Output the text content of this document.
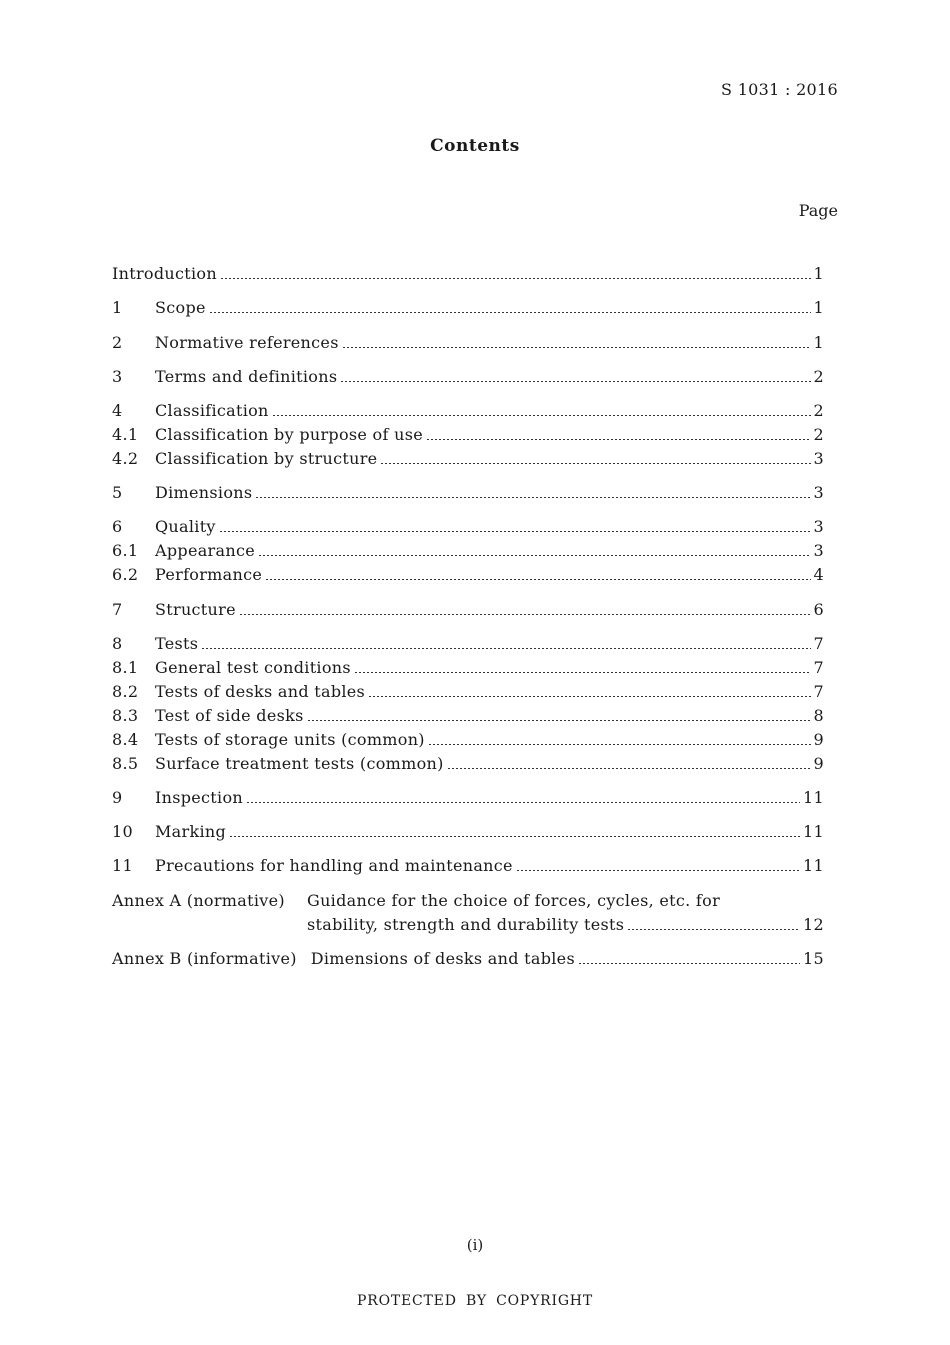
S 1031 : 2016
Contents
Page
Introduction	1
1	Scope	1
2	Normative references	1
3	Terms and definitions	2
4	Classification	2
4.1	Classification by purpose of use	2
4.2	Classification by structure	3
5	Dimensions	3
6	Quality	3
6.1	Appearance	3
6.2	Performance	4
7	Structure	6
8	Tests	7
8.1	General test conditions	7
8.2	Tests of desks and tables	7
8.3	Test of side desks	8
8.4	Tests of storage units (common)	9
8.5	Surface treatment tests (common)	9
9	Inspection	11
10	Marking	11
11	Precautions for handling and maintenance	11
Annex A (normative) Guidance for the choice of forces, cycles, etc. for
stability, strength and durability tests	12
Annex B (informative) Dimensions of desks and tables	15
(i)
PROTECTED BY COPYRIGHT
